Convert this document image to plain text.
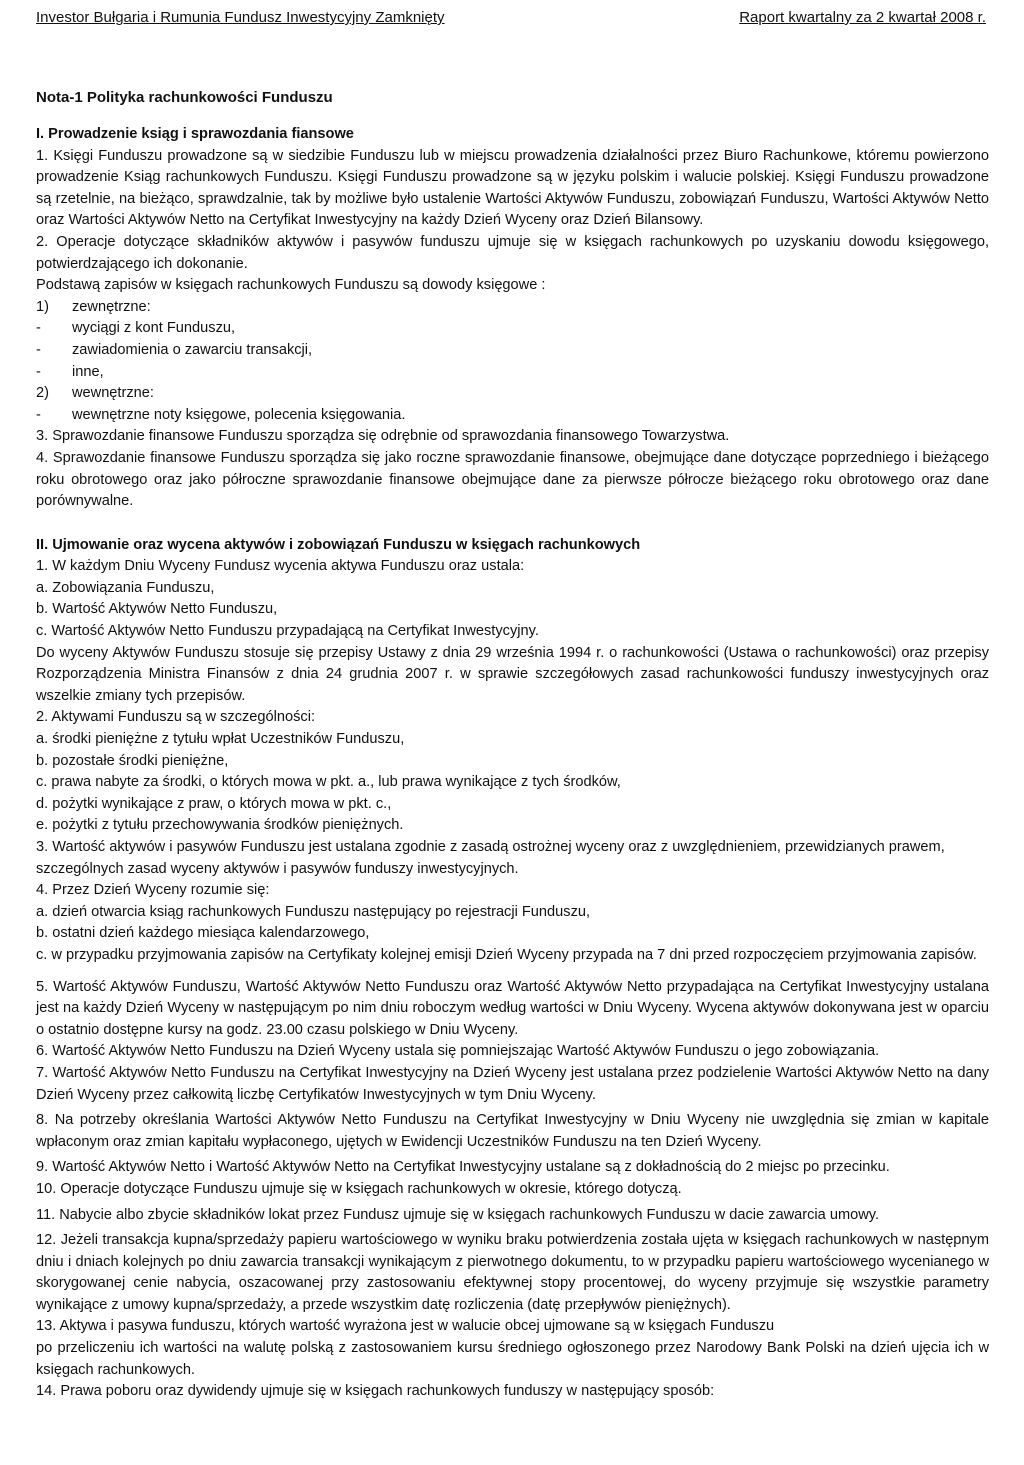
Investor Bułgaria i Rumunia Fundusz Inwestycyjny Zamknięty	Raport kwartalny za 2 kwartał 2008 r.
Nota-1 Polityka rachunkowości Funduszu

I. Prowadzenie ksiąg i sprawozdania fiansowe

1. Księgi Funduszu prowadzone są w siedzibie Funduszu lub w miejscu prowadzenia działalności przez Biuro Rachunkowe, któremu powierzono prowadzenie Ksiąg rachunkowych Funduszu. Księgi Funduszu prowadzone są w języku polskim i walucie polskiej. Księgi Funduszu prowadzone są rzetelnie, na bieżąco, sprawdzalnie, tak by możliwe było ustalenie Wartości Aktywów Funduszu, zobowiązań Funduszu, Wartości Aktywów Netto oraz Wartości Aktywów Netto na Certyfikat Inwestycyjny na każdy Dzień Wyceny oraz Dzień Bilansowy.

2. Operacje dotyczące składników aktywów i pasywów funduszu ujmuje się w księgach rachunkowych po uzyskaniu dowodu księgowego, potwierdzającego ich dokonanie.

Podstawą zapisów w księgach rachunkowych Funduszu są dowody księgowe :

1)	zewnętrzne:
-	wyciągi z kont Funduszu,
-	zawiadomienia o zawarciu transakcji,
-	inne,
2)	wewnętrzne:
-	wewnętrzne noty księgowe, polecenia księgowania.

3. Sprawozdanie finansowe Funduszu sporządza się odrębnie od sprawozdania finansowego Towarzystwa.

4. Sprawozdanie finansowe Funduszu sporządza się jako roczne sprawozdanie finansowe, obejmujące dane dotyczące poprzedniego i bieżącego roku obrotowego oraz jako półroczne sprawozdanie finansowe obejmujące dane za pierwsze półrocze bieżącego roku obrotowego oraz dane porównywalne.

II. Ujmowanie oraz wycena aktywów i zobowiązań Funduszu w księgach rachunkowych

1. W każdym Dniu Wyceny Fundusz wycenia aktywa Funduszu oraz ustala:

a. Zobowiązania Funduszu,

b. Wartość Aktywów Netto Funduszu,

c. Wartość Aktywów Netto Funduszu przypadającą na Certyfikat Inwestycyjny.

Do wyceny Aktywów Funduszu stosuje się przepisy Ustawy z dnia 29 września 1994 r. o rachunkowości (Ustawa o rachunkowości) oraz przepisy Rozporządzenia Ministra Finansów z dnia 24 grudnia 2007 r. w sprawie szczegółowych zasad rachunkowości funduszy inwestycyjnych oraz wszelkie zmiany tych przepisów.

2. Aktywami Funduszu są w szczególności:

a. środki pieniężne z tytułu wpłat Uczestników Funduszu,

b. pozostałe środki pieniężne,

c. prawa nabyte za środki, o których mowa w pkt. a., lub prawa wynikające z tych środków,

d. pożytki wynikające z praw, o których mowa w pkt. c.,

e. pożytki z tytułu przechowywania środków pieniężnych.

3. Wartość aktywów i pasywów Funduszu jest ustalana zgodnie z zasadą ostrożnej wyceny oraz z uwzględnieniem, przewidzianych prawem, szczególnych zasad wyceny aktywów i pasywów funduszy inwestycyjnych.

4. Przez Dzień Wyceny rozumie się:

a. dzień otwarcia ksiąg rachunkowych Funduszu następujący po rejestracji Funduszu,

b. ostatni dzień każdego miesiąca kalendarzowego,

c. w przypadku przyjmowania zapisów na Certyfikaty kolejnej emisji Dzień Wyceny przypada na 7 dni przed rozpoczęciem przyjmowania zapisów.

5. Wartość Aktywów Funduszu, Wartość Aktywów Netto Funduszu oraz Wartość Aktywów Netto przypadająca na Certyfikat Inwestycyjny ustalana jest na każdy Dzień Wyceny w następującym po nim dniu roboczym według wartości w Dniu Wyceny. Wycena aktywów dokonywana jest w oparciu o ostatnio dostępne kursy na godz. 23.00 czasu polskiego w Dniu Wyceny.

6. Wartość Aktywów Netto Funduszu na Dzień Wyceny ustala się pomniejszając Wartość Aktywów Funduszu o jego zobowiązania.

7. Wartość Aktywów Netto Funduszu na Certyfikat Inwestycyjny na Dzień Wyceny jest ustalana przez podzielenie Wartości Aktywów Netto na dany Dzień Wyceny przez całkowitą liczbę Certyfikatów Inwestycyjnych w tym Dniu Wyceny.

8. Na potrzeby określania Wartości Aktywów Netto Funduszu na Certyfikat Inwestycyjny w Dniu Wyceny nie uwzględnia się zmian w kapitale wpłaconym oraz zmian kapitału wypłaconego, ujętych w Ewidencji Uczestników Funduszu na ten Dzień Wyceny.

9. Wartość Aktywów Netto i Wartość Aktywów Netto na Certyfikat Inwestycyjny ustalane są z dokładnością do 2 miejsc po przecinku.

10. Operacje dotyczące Funduszu ujmuje się w księgach rachunkowych w okresie, którego dotyczą.

11. Nabycie albo zbycie składników lokat przez Fundusz ujmuje się w księgach rachunkowych Funduszu w dacie zawarcia umowy.

12. Jeżeli transakcja kupna/sprzedaży papieru wartościowego w wyniku braku potwierdzenia została ujęta w księgach rachunkowych w następnym dniu i dniach kolejnych po dniu zawarcia transakcji wynikającym z pierwotnego dokumentu, to w przypadku papieru wartościowego wycenianego w skorygowanej cenie nabycia, oszacowanej przy zastosowaniu efektywnej stopy procentowej, do wyceny przyjmuje się wszystkie parametry wynikające z umowy kupna/sprzedaży, a przede wszystkim datę rozliczenia (datę przepływów pieniężnych).

13. Aktywa i pasywa funduszu, których wartość wyrażona jest w walucie obcej ujmowane są w księgach Funduszu

po przeliczeniu ich wartości na walutę polską z zastosowaniem kursu średniego ogłoszonego przez Narodowy Bank Polski na dzień ujęcia ich w księgach rachunkowych.

14. Prawa poboru oraz dywidendy ujmuje się w księgach rachunkowych funduszy w następujący sposób:
